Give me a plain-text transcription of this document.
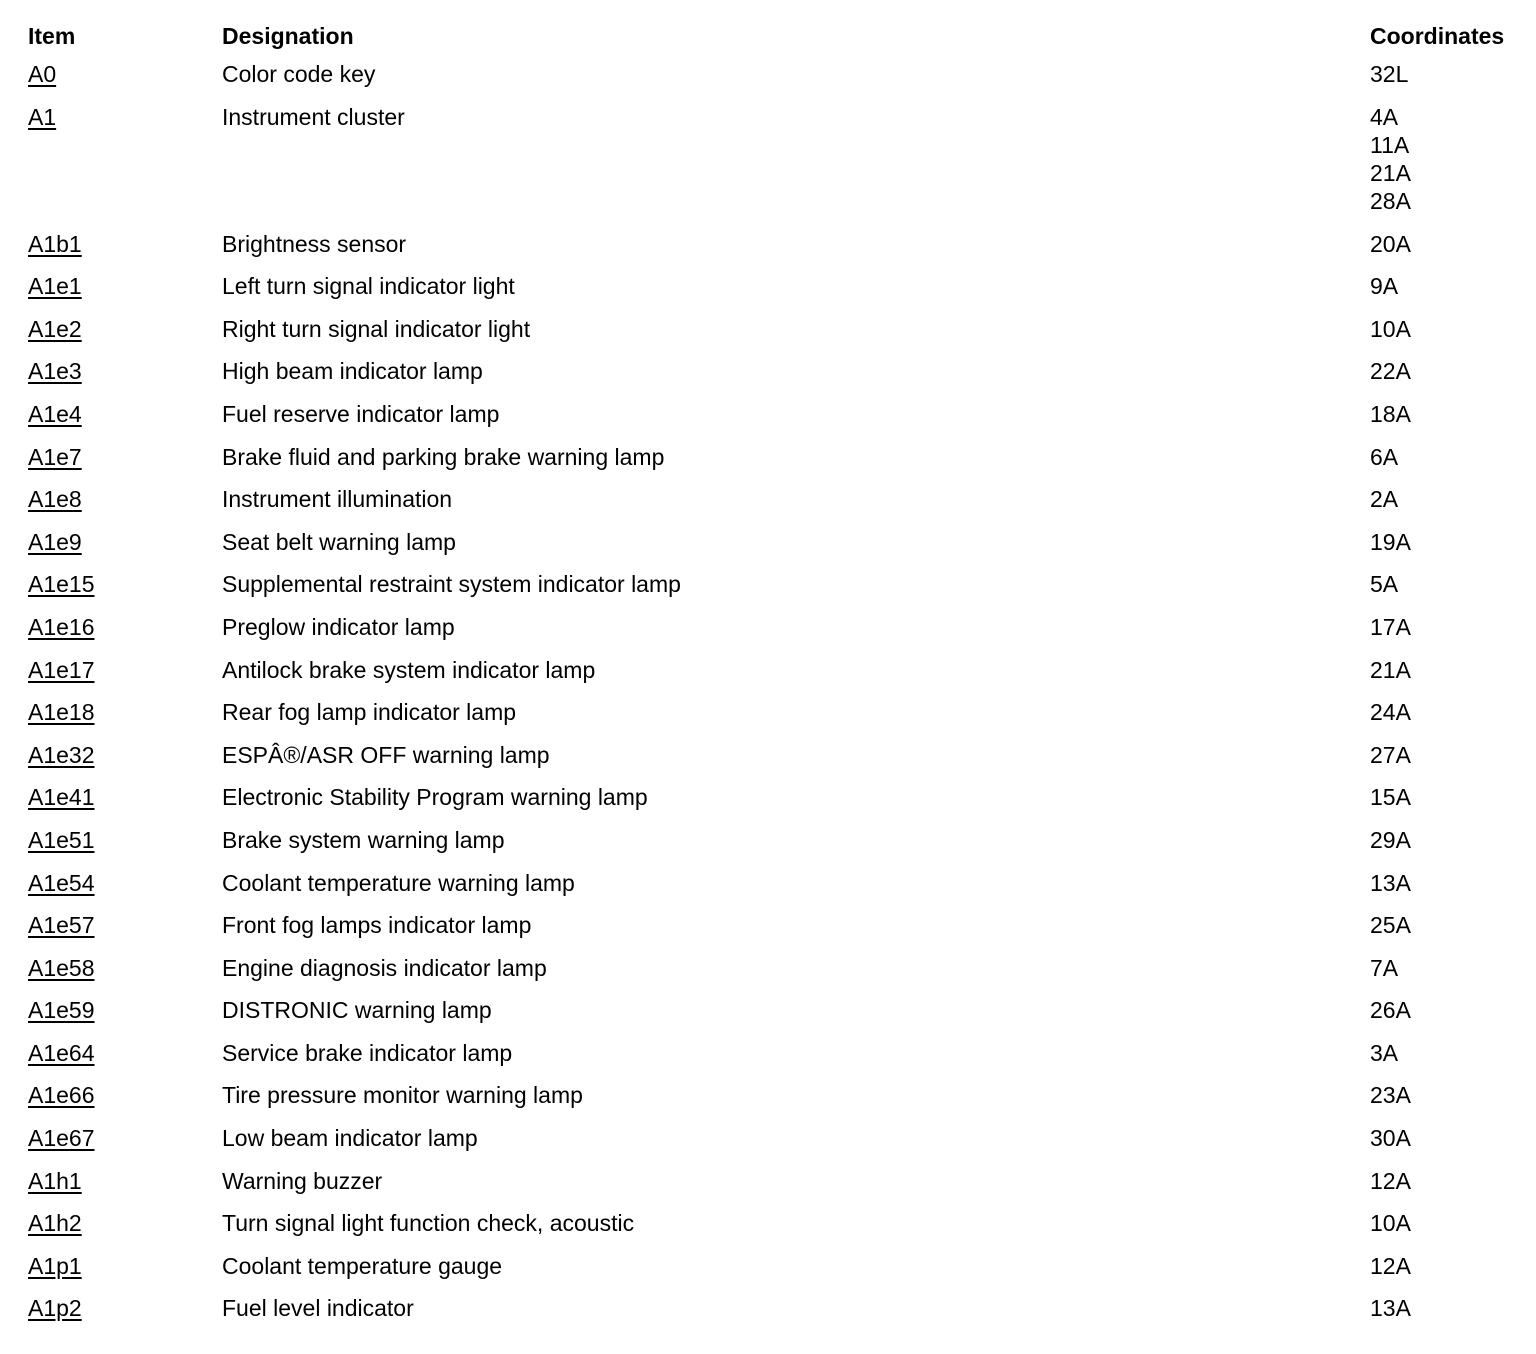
Item	Designation	Coordinates
A0	Color code key	32L

A1	Instrument cluster	4A
11A
21A
28A

A1b1	Brightness sensor	20A

A1e1	Left turn signal indicator light	9A

A1e2	Right turn signal indicator light	10A

A1e3	High beam indicator lamp	22A

A1e4	Fuel reserve indicator lamp	18A

A1e7	Brake fluid and parking brake warning lamp	6A

A1e8	Instrument illumination	2A

A1e9	Seat belt warning lamp	19A

A1e15	Supplemental restraint system indicator lamp	5A

A1e16	Preglow indicator lamp	17A

A1e17	Antilock brake system indicator lamp	21A

A1e18	Rear fog lamp indicator lamp	24A

A1e32	ESPÂ®/ASR OFF warning lamp	27A

A1e41	Electronic Stability Program warning lamp	15A

A1e51	Brake system warning lamp	29A

A1e54	Coolant temperature warning lamp	13A

A1e57	Front fog lamps indicator lamp	25A

A1e58	Engine diagnosis indicator lamp	7A

A1e59	DISTRONIC warning lamp	26A

A1e64	Service brake indicator lamp	3A

A1e66	Tire pressure monitor warning lamp	23A

A1e67	Low beam indicator lamp	30A

A1h1	Warning buzzer	12A

A1h2	Turn signal light function check, acoustic	10A

A1p1	Coolant temperature gauge	12A

A1p2	Fuel level indicator	13A
